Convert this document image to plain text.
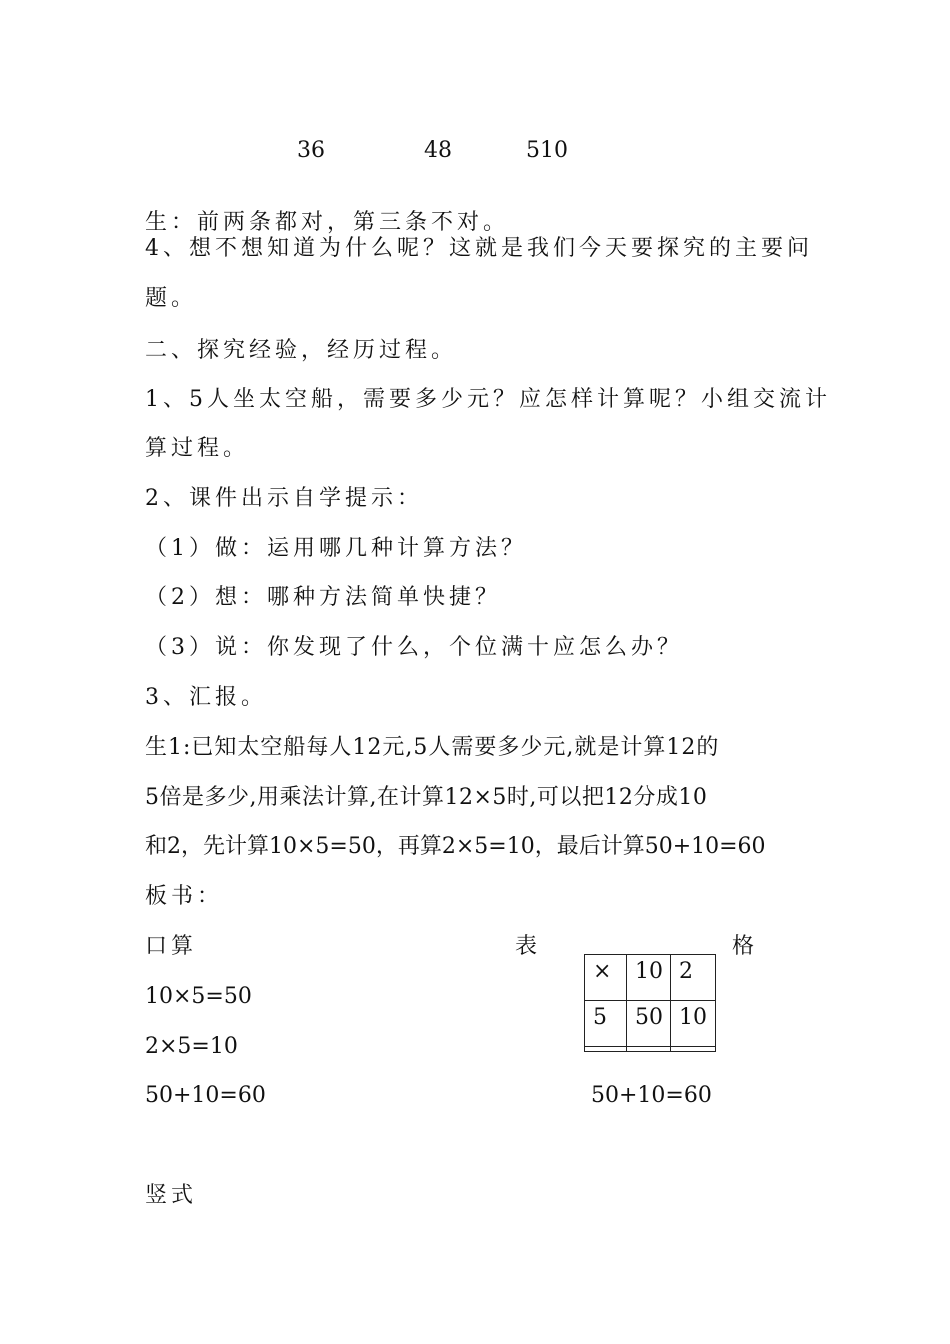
36	48	510

生：前两条都对，第三条不对。

4、想不想知道为什么呢？这就是我们今天要探究的主要问

题。

二、探究经验，经历过程。

1、5人坐太空船，需要多少元？应怎样计算呢？小组交流计

算过程。

2、课件出示自学提示：

（1）做：运用哪几种计算方法？

（2）想：哪种方法简单快捷？

（3）说：你发现了什么，个位满十应怎么办？

3、汇报。

生1:已知太空船每人12元,5人需要多少元,就是计算12的

5倍是多少,用乘法计算,在计算12×5时,可以把12分成10

和2，先计算10×5=50，再算2×5=10，最后计算50+10=60

板书：

口算
10×5=50
2×5=10
50+10=60
表	格
×	10	2
5	50	10

50+10=60
竖式
